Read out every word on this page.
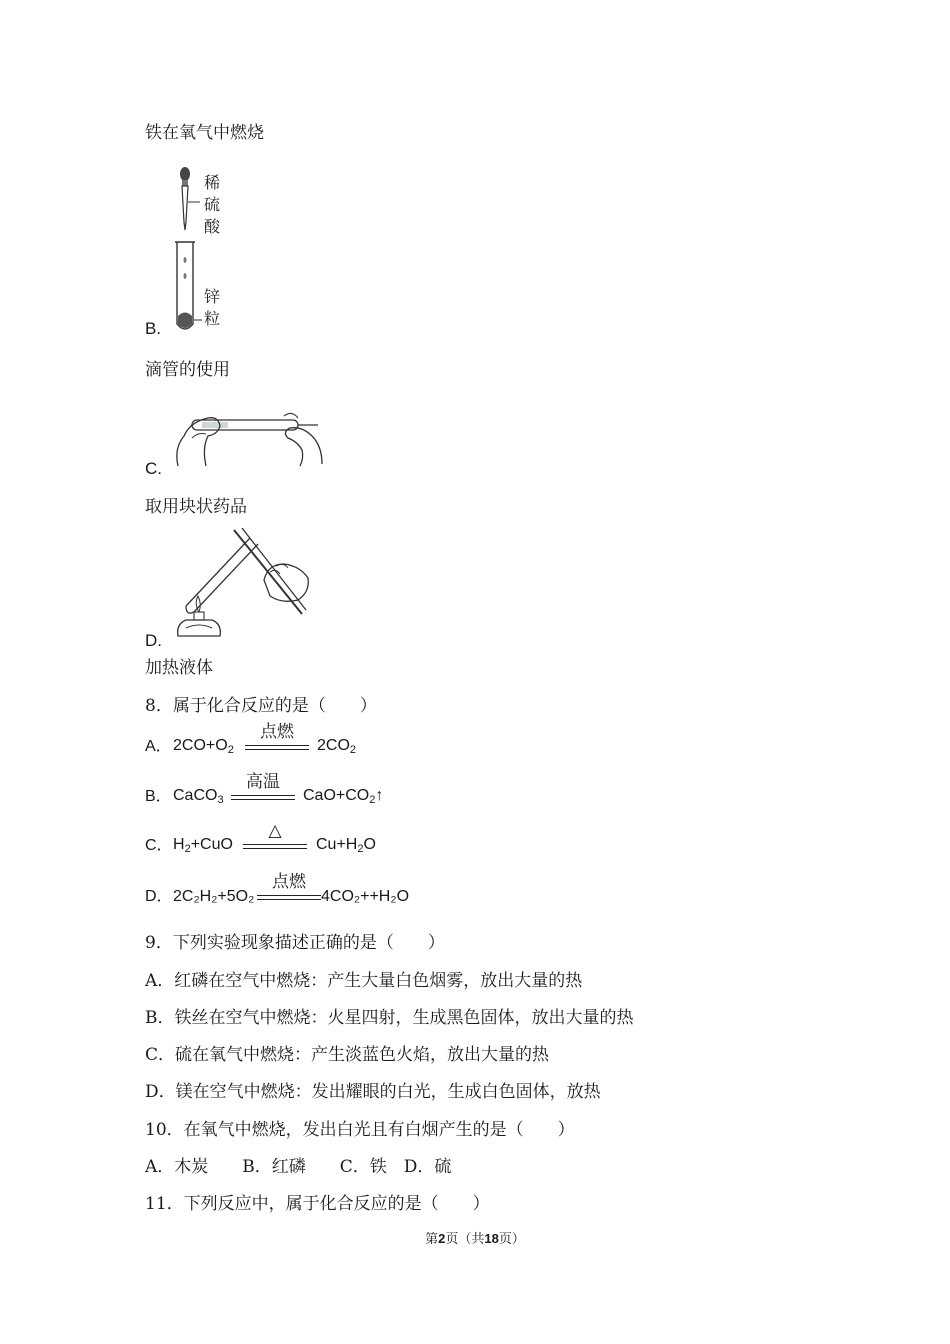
铁在氧气中燃烧
稀
硫
酸
锌
粒
B.
滴管的使用
C.
取用块状药品
D.
加热液体
8．属于化合反应的是（　　）
A． $2CO+O_2$
点燃
$2CO_2$
B． CaCO$_3$
高温
$CaO+CO_2↑$
C． $H_2+CuO$
△
$Cu+H_2O$
D． 2C₂H₂+5O₂
点燃
4CO₂++H₂O
9．下列实验现象描述正确的是（　　）
A．红磷在空气中燃烧：产生大量白色烟雾，放出大量的热
B．铁丝在空气中燃烧：火星四射，生成黑色固体，放出大量的热
C．硫在氧气中燃烧：产生淡蓝色火焰，放出大量的热
D．镁在空气中燃烧：发出耀眼的白光，生成白色固体，放热
10．在氧气中燃烧，发出白光且有白烟产生的是（　　）
A．木炭　　B．红磷　　C．铁　D．硫
11．下列反应中，属于化合反应的是（　　）
第2页（共18页）
